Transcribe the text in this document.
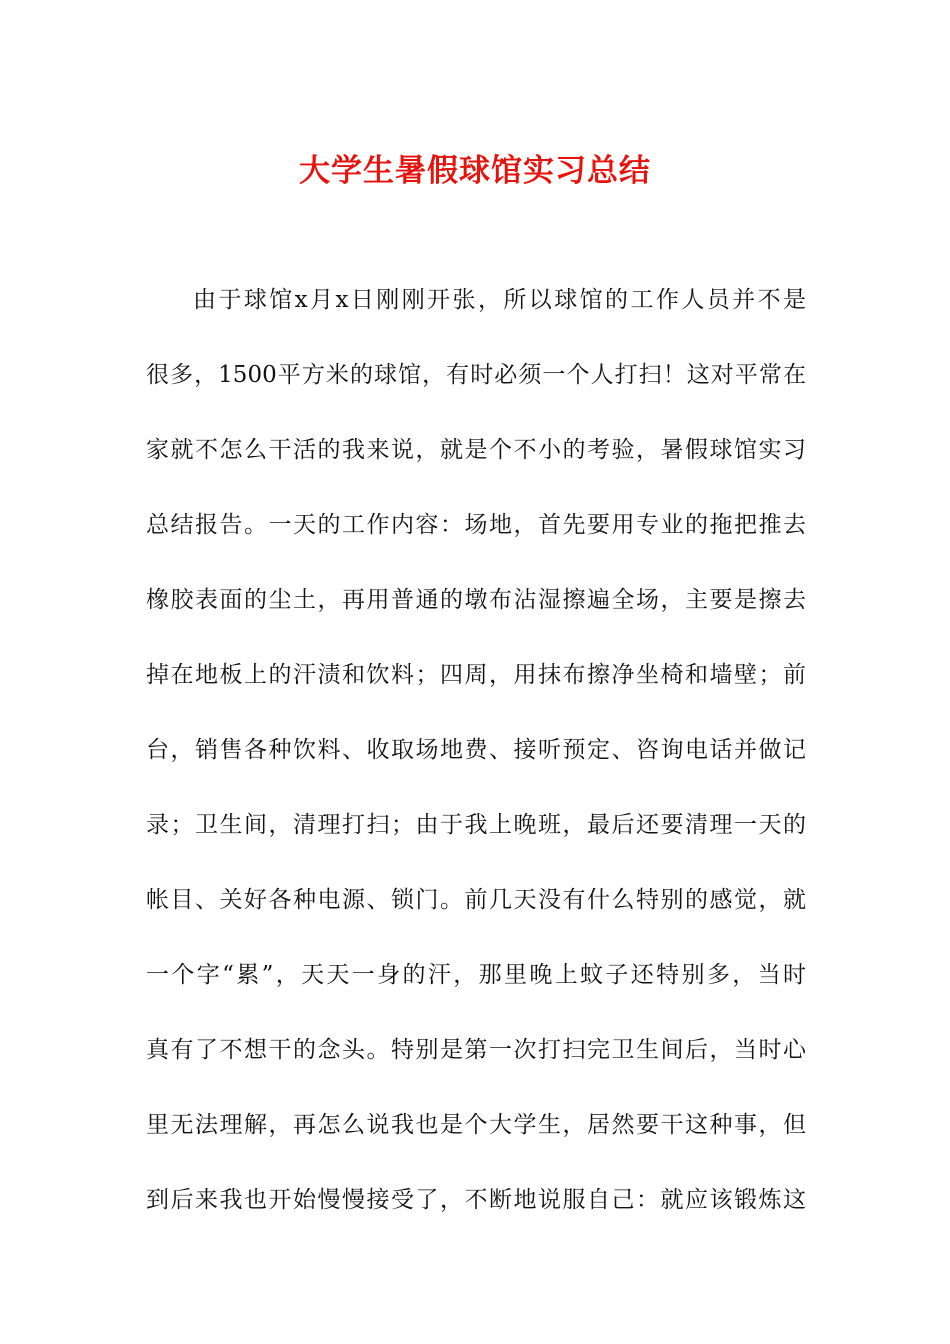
大学生暑假球馆实习总结
由于球馆x月x日刚刚开张，所以球馆的工作人员并不是
很多，1500平方米的球馆，有时必须一个人打扫！这对平常在
家就不怎么干活的我来说，就是个不小的考验，暑假球馆实习
总结报告。一天的工作内容：场地，首先要用专业的拖把推去
橡胶表面的尘土，再用普通的墩布沾湿擦遍全场，主要是擦去
掉在地板上的汗渍和饮料；四周，用抹布擦净坐椅和墙壁；前
台，销售各种饮料、收取场地费、接听预定、咨询电话并做记
录；卫生间，清理打扫；由于我上晚班，最后还要清理一天的
帐目、关好各种电源、锁门。前几天没有什么特别的感觉，就
一个字“累”，天天一身的汗，那里晚上蚊子还特别多，当时
真有了不想干的念头。特别是第一次打扫完卫生间后，当时心
里无法理解，再怎么说我也是个大学生，居然要干这种事，但
到后来我也开始慢慢接受了，不断地说服自己：就应该锻炼这
